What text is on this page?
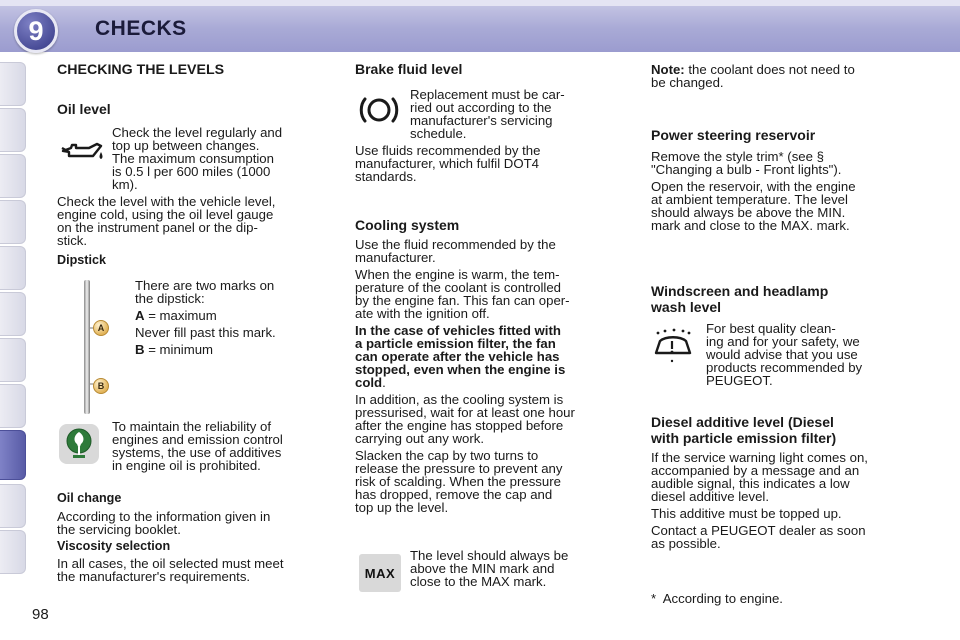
9 CHECKS
98
CHECKING THE LEVELS
Oil level

Check the level regularly and

top up between changes.

The maximum consumption

is 0.5 l per 600 miles (1000

km).

Check the level with the vehicle level,

engine cold, using the oil level gauge

on the instrument panel or the dip-

stick.

Dipstick
A
B

There are two marks on

the dipstick:

A = maximum

Never fill past this mark.

B = minimum

To maintain the reliability of

engines and emission control

systems, the use of additives

in engine oil is prohibited.

Oil change

According to the information given in

the servicing booklet.

Viscosity selection

In all cases, the oil selected must meet

the manufacturer's requirements.

Brake fluid level

Replacement must be car-

ried out according to the

manufacturer's servicing

schedule.

Use fluids recommended by the

manufacturer, which fulfil DOT4

standards.

Cooling system

Use the fluid recommended by the

manufacturer.

When the engine is warm, the tem-

perature of the coolant is controlled

by the engine fan. This fan can oper-

ate with the ignition off.

In the case of vehicles fitted with

a particle emission filter, the fan

can operate after the vehicle has

stopped, even when the engine is

cold.

In addition, as the cooling system is

pressurised, wait for at least one hour

after the engine has stopped before

carrying out any work.

Slacken the cap by two turns to

release the pressure to prevent any

risk of scalding. When the pressure

has dropped, remove the cap and

top up the level.

MAX

The level should always be

above the MIN mark and

close to the MAX mark.

Note: the coolant does not need to

be changed.

Power steering reservoir

Remove the style trim* (see §

"Changing a bulb - Front lights").

Open the reservoir, with the engine

at ambient temperature. The level

should always be above the MIN.

mark and close to the MAX. mark.

Windscreen and headlamp
wash level

For best quality clean-

ing and for your safety, we

would advise that you use

products recommended by

PEUGEOT.

Diesel additive level (Diesel
with particle emission filter)

If the service warning light comes on,

accompanied by a message and an

audible signal, this indicates a low

diesel additive level.

This additive must be topped up.

Contact a PEUGEOT dealer as soon

as possible.

*  According to engine.
